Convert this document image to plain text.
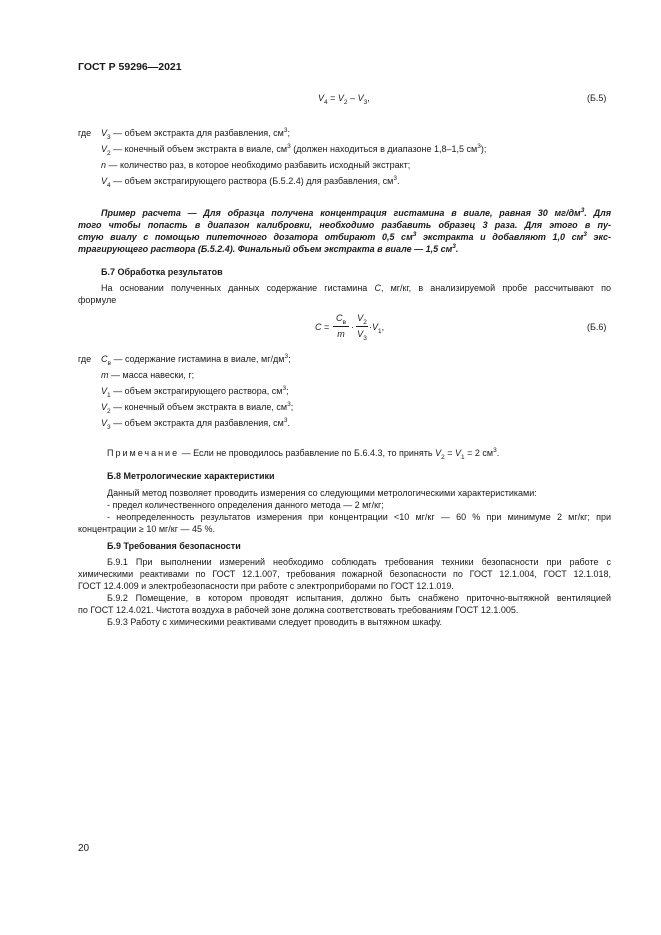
ГОСТ Р 59296—2021
$V_4 = V_2 - V_3$,	(Б.5)
где $V_3$ — объем экстракта для разбавления, $см^3$;
$V_2$ — конечный объем экстракта в виале, $см^3$ (должен находиться в диапазоне 1,8–1,5 $см^3$);
n — количество раз, в которое необходимо разбавить исходный экстракт;
$V_4$ — объем экстрагирующего раствора (Б.5.2.4) для разбавления, $см^3$.
Пример расчета — Для образца получена концентрация гистамина в виале, равная 30 $мг/дм^3$. Для
того чтобы попасть в диапазон калибровки, необходимо разбавить образец 3 раза. Для этого в пу-
стую виалу с помощью пипеточного дозатора отбирают 0,5 $см^3$ экстракта и добавляют 1,0 $см^3$ экс-
трагирующего раствора (Б.5.2.4). Финальный объем экстракта в виале — 1,5 $см^3$.
Б.7 Обработка результатов
На основании полученных данных содержание гистамина C, мг/кг, в анализируемой пробе рассчитывают по
формуле
C =
$C_в$
m
·
$V_2$
$V_3$
$\cdot V_1$,	(Б.6)
где $C_в$ — содержание гистамина в виале, $мг/дм^3$;
m — масса навески, г;
$V_1$ — объем экстрагирующего раствора, $см^3$;
$V_2$ — конечный объем экстракта в виале, $см^3$;
$V_3$ — объем экстракта для разбавления, $см^3$.
Примечание — Если не проводилось разбавление по Б.6.4.3, то принять $V_2 = V_1 = 2$ $см^3$.
Б.8 Метрологические характеристики
Данный метод позволяет проводить измерения со следующими метрологическими характеристиками:
- предел количественного определения данного метода — 2 мг/кг;
- неопределенность результатов измерения при концентрации <10 мг/кг — 60 % при минимуме 2 мг/кг; при
концентрации ≥ 10 мг/кг — 45 %.
Б.9 Требования безопасности
Б.9.1 При выполнении измерений необходимо соблюдать требования техники безопасности при работе с
химическими реактивами по ГОСТ 12.1.007, требования пожарной безопасности по ГОСТ 12.1.004, ГОСТ 12.1.018,
ГОСТ 12.4.009 и электробезопасности при работе с электроприборами по ГОСТ 12.1.019.
Б.9.2 Помещение, в котором проводят испытания, должно быть снабжено приточно-вытяжной вентиляцией
по ГОСТ 12.4.021. Чистота воздуха в рабочей зоне должна соответствовать требованиям ГОСТ 12.1.005.
Б.9.3 Работу с химическими реактивами следует проводить в вытяжном шкафу.
20
